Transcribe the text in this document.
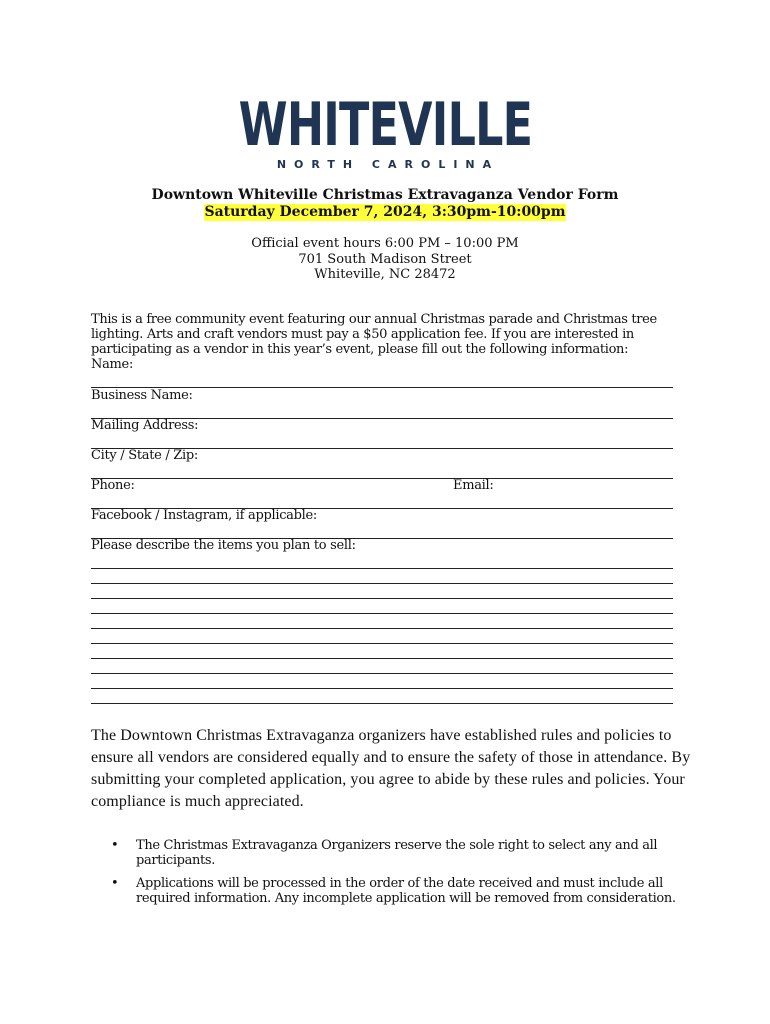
WHITEVILLE
NORTH CAROLINA
Downtown Whiteville Christmas Extravaganza Vendor Form
Saturday December 7, 2024, 3:30pm-10:00pm
Official event hours 6:00 PM – 10:00 PM
701 South Madison Street
Whiteville, NC 28472
This is a free community event featuring our annual Christmas parade and Christmas tree lighting. Arts and craft vendors must pay a $50 application fee. If you are interested in participating as a vendor in this year’s event, please fill out the following information:
Name:
Business Name:
Mailing Address:
City / State / Zip:
Phone:	Email:
Facebook / Instagram, if applicable:
Please describe the items you plan to sell:
The Downtown Christmas Extravaganza organizers have established rules and policies to ensure all vendors are considered equally and to ensure the safety of those in attendance. By submitting your completed application, you agree to abide by these rules and policies. Your compliance is much appreciated.
• The Christmas Extravaganza Organizers reserve the sole right to select any and all participants.
• Applications will be processed in the order of the date received and must include all required information. Any incomplete application will be removed from consideration.
